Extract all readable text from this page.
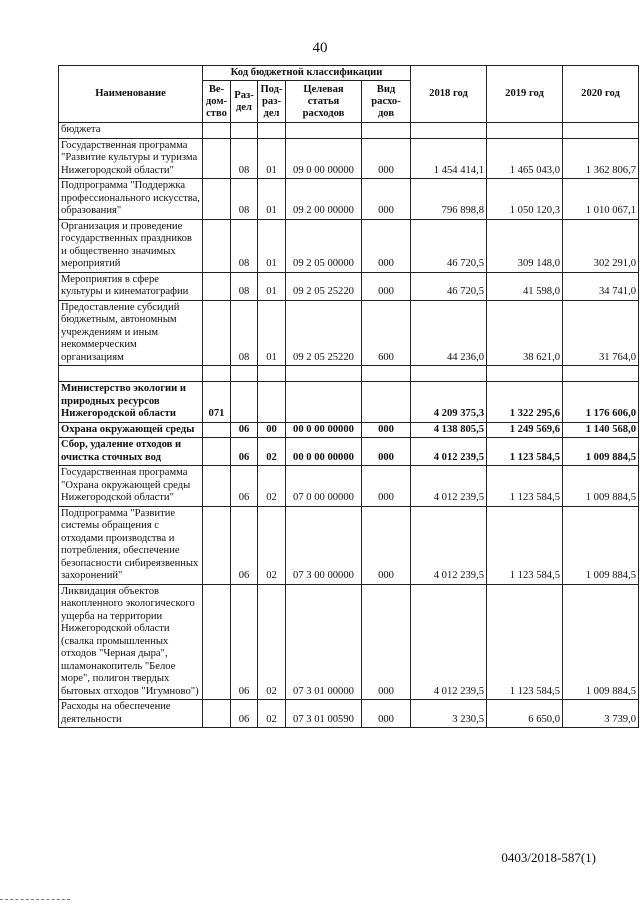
40
Наименование	Код бюджетной классификации					2018 год	2019 год	2020 год
	Ве-дом-ство	Раз-дел	Под-раз-дел	Целевая статья расходов	Вид расхо-дов			
бюджета								
Государственная программа "Развитие культуры и туризма Нижегородской области"		08	01	09 0 00 00000	000	1 454 414,1	1 465 043,0	1 362 806,7
Подпрограмма "Поддержка профессионального искусства, образования"		08	01	09 2 00 00000	000	796 898,8	1 050 120,3	1 010 067,1
Организация и проведение государственных праздников и общественно значимых мероприятий		08	01	09 2 05 00000	000	46 720,5	309 148,0	302 291,0
Мероприятия в сфере культуры и кинематографии		08	01	09 2 05 25220	000	46 720,5	41 598,0	34 741,0
Предоставление субсидий бюджетным, автономным учреждениям и иным некоммерческим организациям		08	01	09 2 05 25220	600	44 236,0	38 621,0	31 764,0

Министерство экологии и природных ресурсов Нижегородской области	071					4 209 375,3	1 322 295,6	1 176 606,0
Охрана окружающей среды		06	00	00 0 00 00000	000	4 138 805,5	1 249 569,6	1 140 568,0
Сбор, удаление отходов и очистка сточных вод		06	02	00 0 00 00000	000	4 012 239,5	1 123 584,5	1 009 884,5
Государственная программа "Охрана окружающей среды Нижегородской области"		06	02	07 0 00 00000	000	4 012 239,5	1 123 584,5	1 009 884,5
Подпрограмма "Развитие системы обращения с отходами производства и потребления, обеспечение безопасности сибиреязвенных захоронений"		06	02	07 3 00 00000	000	4 012 239,5	1 123 584,5	1 009 884,5
Ликвидация объектов накопленного экологического ущерба на территории Нижегородской области (свалка промышленных отходов "Черная дыра", шламонакопитель "Белое море", полигон твердых бытовых отходов "Игумново")		06	02	07 3 01 00000	000	4 012 239,5	1 123 584,5	1 009 884,5
Расходы на обеспечение деятельности		06	02	07 3 01 00590	000	3 230,5	6 650,0	3 739,0
0403/2018-587(1)
